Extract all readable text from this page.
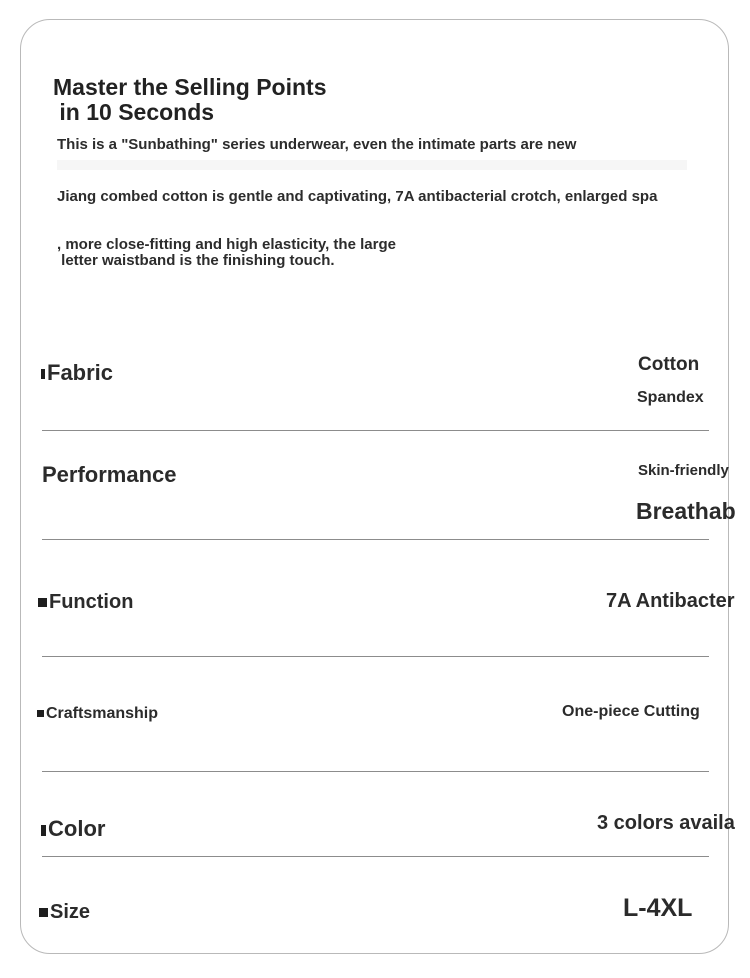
Master the Selling Points
in 10 Seconds
This is a "Sunbathing" series underwear, even the intimate parts are new
Jiang combed cotton is gentle and captivating, 7A antibacterial crotch, enlarged spa
, more close-fitting and high elasticity, the large
letter waistband is the finishing touch.
Fabric	Cotton
Spandex
Performance	Skin-friendly
Breathab
Function	7A Antibacter
Craftsmanship	One-piece Cutting
Color	3 colors availa
Size	L-4XL
